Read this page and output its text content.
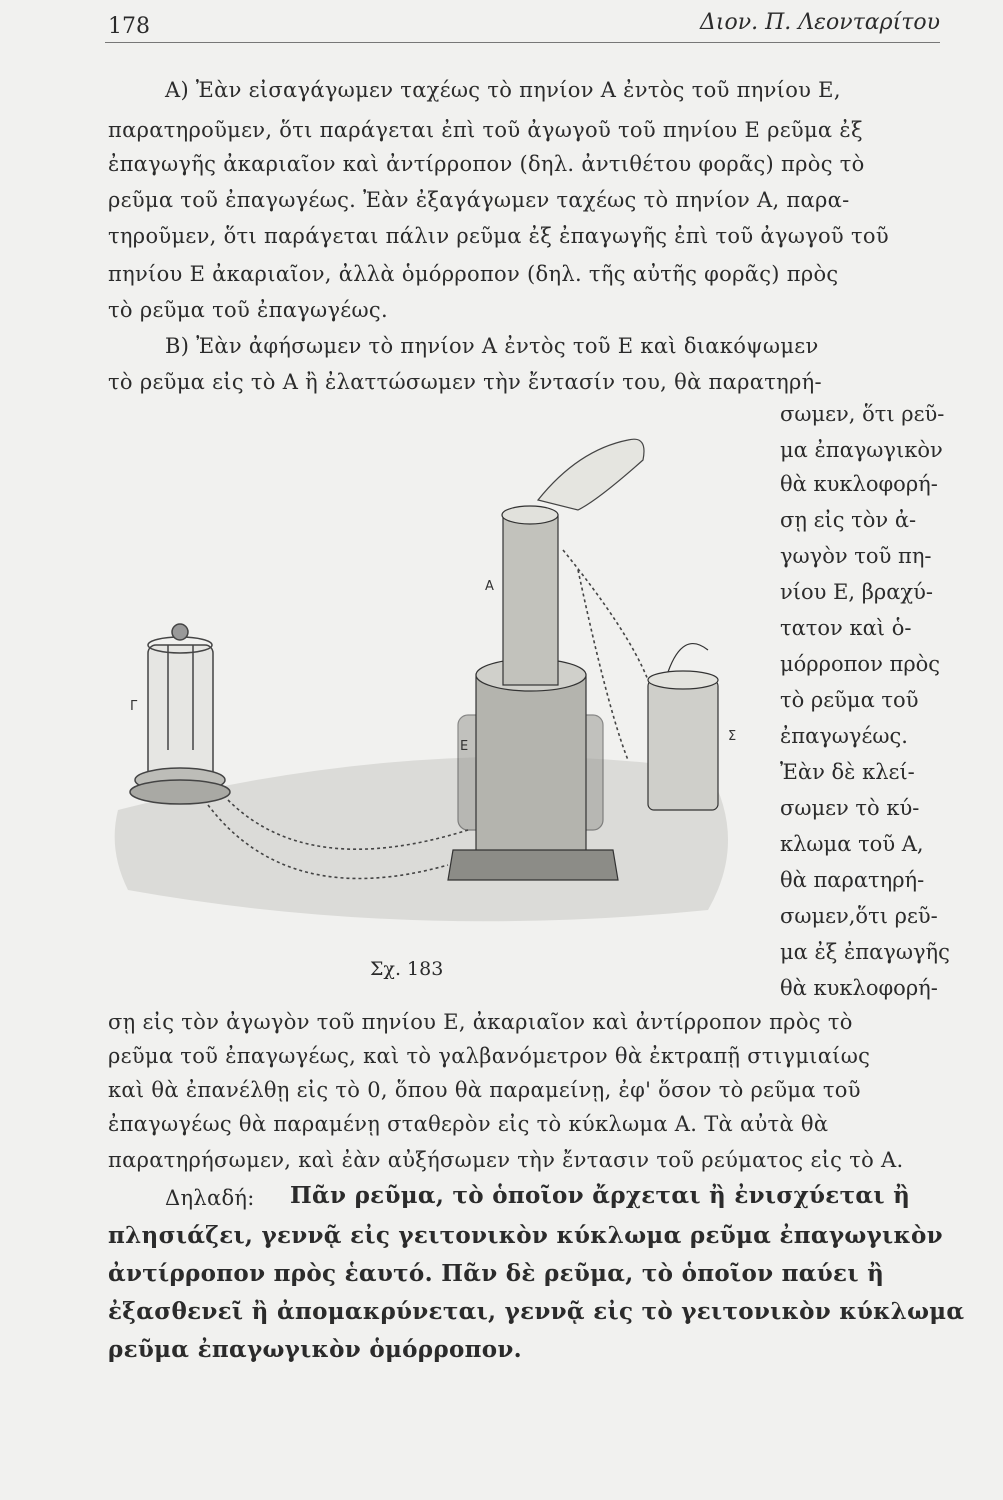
178	Διον. Π. Λεονταρίτου
Α) Ἐὰν εἰσαγάγωμεν ταχέως τὸ πηνίον Α ἐντὸς τοῦ πηνίου Ε,
παρατηροῦμεν, ὅτι παράγεται ἐπὶ τοῦ ἀγωγοῦ τοῦ πηνίου Ε ρεῦμα ἐξ
ἐπαγωγῆς ἀκαριαῖον καὶ ἀντίρροπον (δηλ. ἀντιθέτου φορᾶς) πρὸς τὸ
ρεῦμα τοῦ ἐπαγωγέως. Ἐὰν ἐξαγάγωμεν ταχέως τὸ πηνίον Α, παρα-
τηροῦμεν, ὅτι παράγεται πάλιν ρεῦμα ἐξ ἐπαγωγῆς ἐπὶ τοῦ ἀγωγοῦ τοῦ
πηνίου Ε ἀκαριαῖον, ἀλλὰ ὁμόρροπον (δηλ. τῆς αὐτῆς φορᾶς) πρὸς
τὸ ρεῦμα τοῦ ἐπαγωγέως.
Β) Ἐὰν ἀφήσωμεν τὸ πηνίον Α ἐντὸς τοῦ Ε καὶ διακόψωμεν
τὸ ρεῦμα εἰς τὸ Α ἢ ἐλαττώσωμεν τὴν ἔντασίν του, θὰ παρατηρή-
σωμεν, ὅτι ρεῦ-
μα ἐπαγωγικὸν
θὰ κυκλοφορή-
σῃ εἰς τὸν ἀ-
γωγὸν τοῦ πη-
νίου Ε, βραχύ-
τατον καὶ ὁ-
μόρροπον πρὸς
τὸ ρεῦμα τοῦ
ἐπαγωγέως.
Ἐὰν δὲ κλεί-
σωμεν τὸ κύ-
κλωμα τοῦ Α,
θὰ παρατηρή-
σωμεν,ὅτι ρεῦ-
μα ἐξ ἐπαγωγῆς
θὰ κυκλοφορή-
Γ
Α
Ε
Σ
Σχ. 183
σῃ εἰς τὸν ἀγωγὸν τοῦ πηνίου Ε, ἀκαριαῖον καὶ ἀντίρροπον πρὸς τὸ
ρεῦμα τοῦ ἐπαγωγέως, καὶ τὸ γαλβανόμετρον θὰ ἐκτραπῇ στιγμιαίως
καὶ θὰ ἐπανέλθῃ εἰς τὸ 0, ὅπου θὰ παραμείνῃ, ἐφ' ὅσον τὸ ρεῦμα τοῦ
ἐπαγωγέως θὰ παραμένῃ σταθερὸν εἰς τὸ κύκλωμα Α. Τὰ αὐτὰ θὰ
παρατηρήσωμεν, καὶ ἐὰν αὐξήσωμεν τὴν ἔντασιν τοῦ ρεύματος εἰς τὸ Α.
Δηλαδή: Πᾶν ρεῦμα, τὸ ὁποῖον ἄρχεται ἢ ἐνισχύεται ἢ
πλησιάζει, γεννᾷ εἰς γειτονικὸν κύκλωμα ρεῦμα ἐπαγωγικὸν
ἀντίρροπον πρὸς ἑαυτό. Πᾶν δὲ ρεῦμα, τὸ ὁποῖον παύει ἢ
ἐξασθενεῖ ἢ ἀπομακρύνεται, γεννᾷ εἰς τὸ γειτονικὸν κύκλωμα
ρεῦμα ἐπαγωγικὸν ὁμόρροπον.
